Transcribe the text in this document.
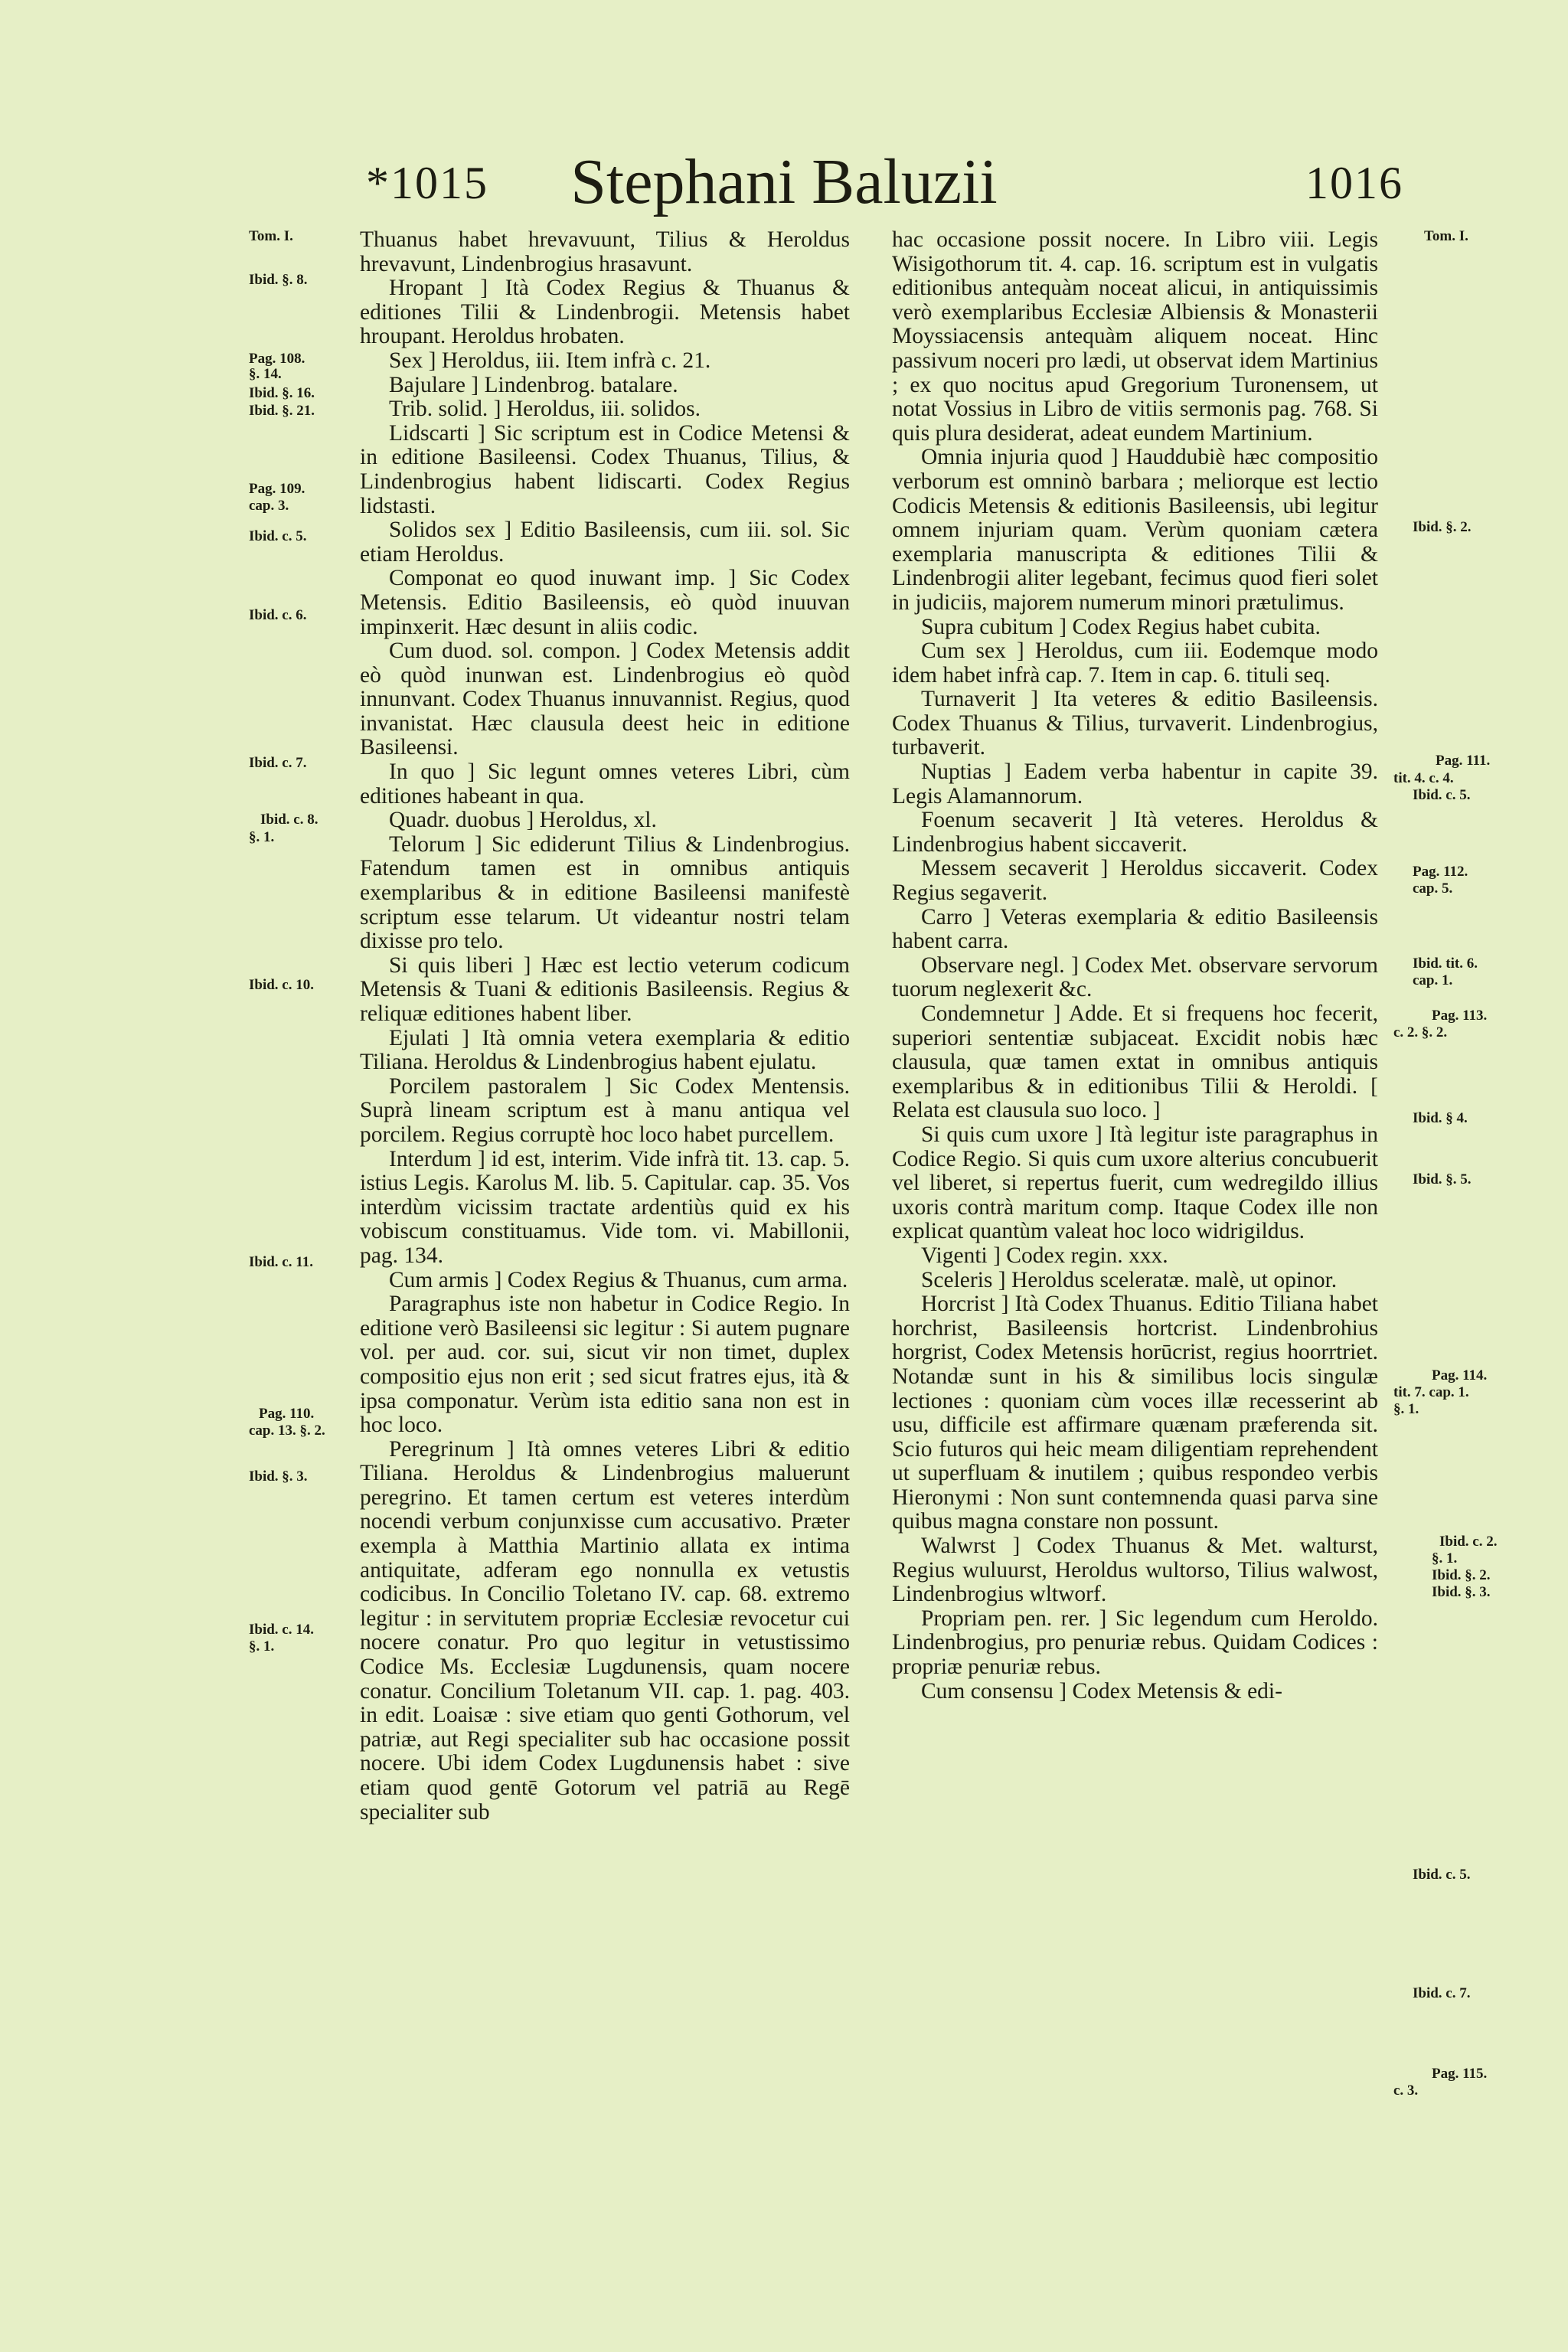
*1015	Stephani Baluzii	1016
Tom. I.
Ibid. §. 8.
Pag. 108.
§. 14.
Ibid. §. 16.
Ibid. §. 21.
Pag. 109.
cap. 3.
Ibid. c. 5.
Ibid. c. 6.
Ibid. c. 7.
Ibid. c. 8.
§. 1.
Ibid. c. 10.
Ibid. c. 11.
Pag. 110.
cap. 13. §. 2.
Ibid. §. 3.
Ibid. c. 14.
§. 1.
Tom. I.
Ibid. §. 2.
Pag. 111.
tit. 4. c. 4.
Ibid. c. 5.
Pag. 112.
cap. 5.
Ibid. tit. 6.
cap. 1.
Pag. 113.
c. 2. §. 2.
Ibid. § 4.
Ibid. §. 5.
Pag. 114.
tit. 7. cap. 1.
§. 1.
Ibid. c. 2.
§. 1.
Ibid. §. 2.
Ibid. §. 3.
Ibid. c. 5.
Ibid. c. 7.
Pag. 115.
c. 3.

Thuanus habet hrevavuunt, Tilius & Heroldus hrevavunt, Lindenbrogius hrasavunt.

Hropant ] Ità Codex Regius & Thuanus & editiones Tilii & Lindenbrogii. Metensis habet hroupant. Heroldus hrobaten.

Sex ] Heroldus, iii. Item infrà c. 21.

Bajulare ] Lindenbrog. batalare.

Trib. solid. ] Heroldus, iii. solidos.

Lidscarti ] Sic scriptum est in Codice Metensi & in editione Basileensi. Codex Thuanus, Tilius, & Lindenbrogius habent lidiscarti. Codex Regius lidstasti.

Solidos sex ] Editio Basileensis, cum iii. sol. Sic etiam Heroldus.

Componat eo quod inuwant imp. ] Sic Codex Metensis. Editio Basileensis, eò quòd inuuvan impinxerit. Hæc desunt in aliis codic.

Cum duod. sol. compon. ] Codex Metensis addit eò quòd inunwan est. Lindenbrogius eò quòd innunvant. Codex Thuanus innuvannist. Regius, quod invanistat. Hæc clausula deest heic in editione Basileensi.

In quo ] Sic legunt omnes veteres Libri, cùm editiones habeant in qua.

Quadr. duobus ] Heroldus, xl.

Telorum ] Sic ediderunt Tilius & Lindenbrogius. Fatendum tamen est in omnibus antiquis exemplaribus & in editione Basileensi manifestè scriptum esse telarum. Ut videantur nostri telam dixisse pro telo.

Si quis liberi ] Hæc est lectio veterum codicum Metensis & Tuani & editionis Basileensis. Regius & reliquæ editiones habent liber.

Ejulati ] Ità omnia vetera exemplaria & editio Tiliana. Heroldus & Lindenbrogius habent ejulatu.

Porcilem pastoralem ] Sic Codex Mentensis. Suprà lineam scriptum est à manu antiqua vel porcilem. Regius corruptè hoc loco habet purcellem.

Interdum ] id est, interim. Vide infrà tit. 13. cap. 5. istius Legis. Karolus M. lib. 5. Capitular. cap. 35. Vos interdùm vicissim tractate ardentiùs quid ex his vobiscum constituamus. Vide tom. vi. Mabillonii, pag. 134.

Cum armis ] Codex Regius & Thuanus, cum arma.

Paragraphus iste non habetur in Codice Regio. In editione verò Basileensi sic legitur : Si autem pugnare vol. per aud. cor. sui, sicut vir non timet, duplex compositio ejus non erit ; sed sicut fratres ejus, ità & ipsa componatur. Verùm ista editio sana non est in hoc loco.

Peregrinum ] Ità omnes veteres Libri & editio Tiliana. Heroldus & Lindenbrogius maluerunt peregrino. Et tamen certum est veteres interdùm nocendi verbum conjunxisse cum accusativo. Præter exempla à Matthia Martinio allata ex intima antiquitate, adferam ego nonnulla ex vetustis codicibus. In Concilio Toletano IV. cap. 68. extremo legitur : in servitutem propriæ Ecclesiæ revocetur cui nocere conatur. Pro quo legitur in vetustissimo Codice Ms. Ecclesiæ Lugdunensis, quam nocere conatur. Concilium Toletanum VII. cap. 1. pag. 403. in edit. Loaisæ : sive etiam quo genti Gothorum, vel patriæ, aut Regi specialiter sub hac occasione possit nocere. Ubi idem Codex Lugdunensis habet : sive etiam quod gentē Gotorum vel patriā au Regē specialiter sub

hac occasione possit nocere. In Libro viii. Legis Wisigothorum tit. 4. cap. 16. scriptum est in vulgatis editionibus antequàm noceat alicui, in antiquissimis verò exemplaribus Ecclesiæ Albiensis & Monasterii Moyssiacensis antequàm aliquem noceat. Hinc passivum noceri pro lædi, ut observat idem Martinius ; ex quo nocitus apud Gregorium Turonensem, ut notat Vossius in Libro de vitiis sermonis pag. 768. Si quis plura desiderat, adeat eundem Martinium.

Omnia injuria quod ] Hauddubiè hæc compositio verborum est omninò barbara ; meliorque est lectio Codicis Metensis & editionis Basileensis, ubi legitur omnem injuriam quam. Verùm quoniam cætera exemplaria manuscripta & editiones Tilii & Lindenbrogii aliter legebant, fecimus quod fieri solet in judiciis, majorem numerum minori prætulimus.

Supra cubitum ] Codex Regius habet cubita.

Cum sex ] Heroldus, cum iii. Eodemque modo idem habet infrà cap. 7. Item in cap. 6. tituli seq.

Turnaverit ] Ita veteres & editio Basileensis. Codex Thuanus & Tilius, turvaverit. Lindenbrogius, turbaverit.

Nuptias ] Eadem verba habentur in capite 39. Legis Alamannorum.

Foenum secaverit ] Ità veteres. Heroldus & Lindenbrogius habent siccaverit.

Messem secaverit ] Heroldus siccaverit. Codex Regius segaverit.

Carro ] Veteras exemplaria & editio Basileensis habent carra.

Observare negl. ] Codex Met. observare servorum tuorum neglexerit &c.

Condemnetur ] Adde. Et si frequens hoc fecerit, superiori sententiæ subjaceat. Excidit nobis hæc clausula, quæ tamen extat in omnibus antiquis exemplaribus & in editionibus Tilii & Heroldi. [ Relata est clausula suo loco. ]

Si quis cum uxore ] Ità legitur iste paragraphus in Codice Regio. Si quis cum uxore alterius concubuerit vel liberet, si repertus fuerit, cum wedregildo illius uxoris contrà maritum comp. Itaque Codex ille non explicat quantùm valeat hoc loco widrigildus.

Vigenti ] Codex regin. xxx.

Sceleris ] Heroldus sceleratæ. malè, ut opinor.

Horcrist ] Ità Codex Thuanus. Editio Tiliana habet horchrist, Basileensis hortcrist. Lindenbrohius horgrist, Codex Metensis horūcrist, regius hoorrtriet. Notandæ sunt in his & similibus locis singulæ lectiones : quoniam cùm voces illæ recesserint ab usu, difficile est affirmare quænam præferenda sit. Scio futuros qui heic meam diligentiam reprehendent ut superfluam & inutilem ; quibus respondeo verbis Hieronymi : Non sunt contemnenda quasi parva sine quibus magna constare non possunt.

Walwrst ] Codex Thuanus & Met. walturst, Regius wuluurst, Heroldus wultorso, Tilius walwost, Lindenbrogius wltworf.

Propriam pen. rer. ] Sic legendum cum Heroldo. Lindenbrogius, pro penuriæ rebus. Quidam Codices : propriæ penuriæ rebus.

Cum consensu ] Codex Metensis & edi-
